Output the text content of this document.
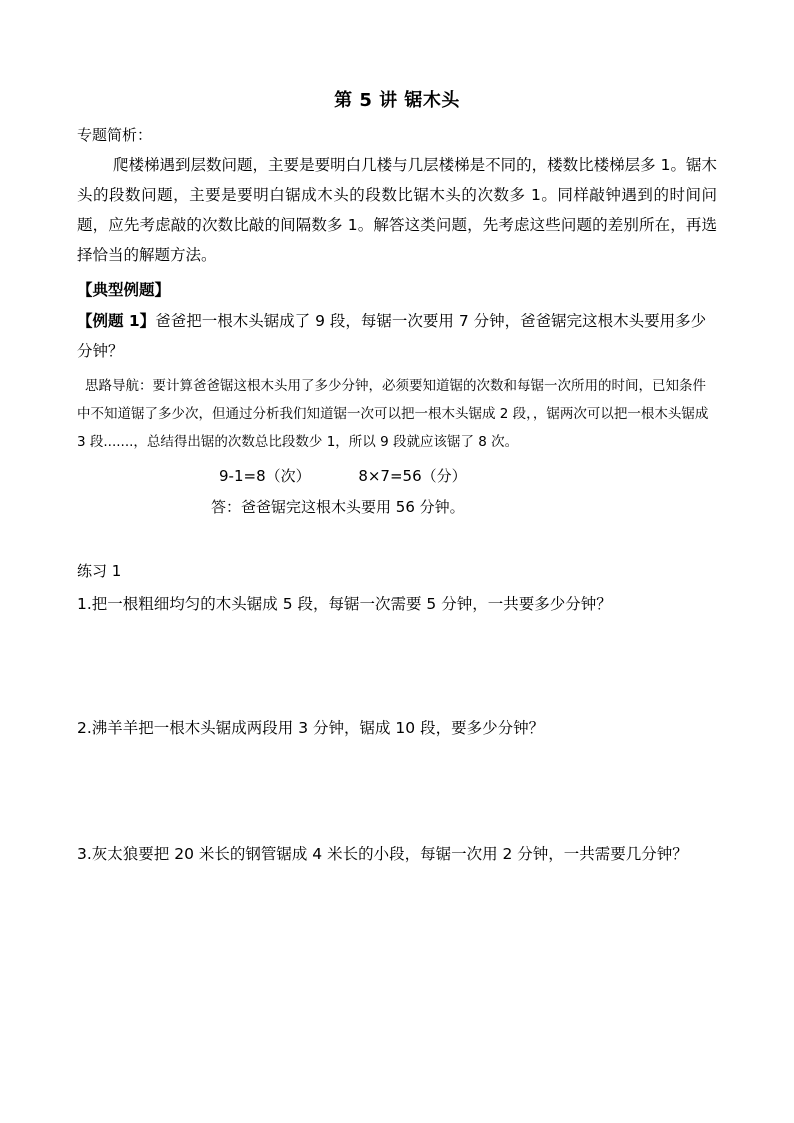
第 5 讲 锯木头
专题简析：
爬楼梯遇到层数问题，主要是要明白几楼与几层楼梯是不同的，楼数比楼梯层多 1。锯木头的段数问题，主要是要明白锯成木头的段数比锯木头的次数多 1。同样敲钟遇到的时间问题，应先考虑敲的次数比敲的间隔数多 1。解答这类问题，先考虑这些问题的差别所在，再选择恰当的解题方法。
【典型例题】
【例题 1】爸爸把一根木头锯成了 9 段，每锯一次要用 7 分钟，爸爸锯完这根木头要用多少分钟？
思路导航：要计算爸爸锯这根木头用了多少分钟，必须要知道锯的次数和每锯一次所用的时间，已知条件中不知道锯了多少次，但通过分析我们知道锯一次可以把一根木头锯成 2 段，，锯两次可以把一根木头锯成 3 段.......，总结得出锯的次数总比段数少 1，所以 9 段就应该锯了 8 次。
9-1=8（次）	8×7=56（分）
答：爸爸锯完这根木头要用 56 分钟。
练习 1
1.把一根粗细均匀的木头锯成 5 段，每锯一次需要 5 分钟，一共要多少分钟？
2.沸羊羊把一根木头锯成两段用 3 分钟，锯成 10 段，要多少分钟？
3.灰太狼要把 20 米长的钢管锯成 4 米长的小段，每锯一次用 2 分钟，一共需要几分钟？
